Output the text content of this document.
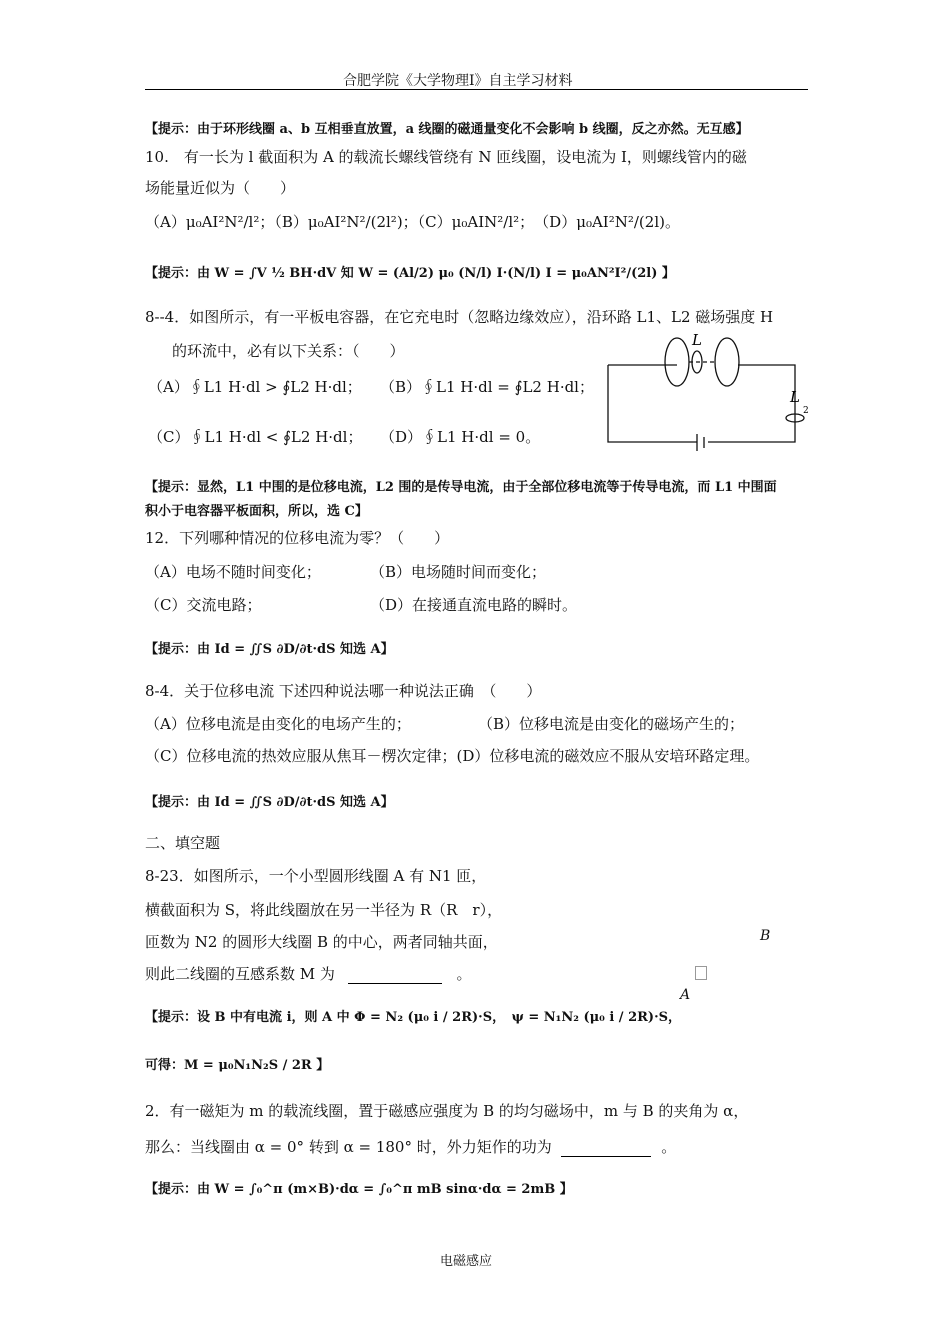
合肥学院《大学物理Ⅰ》自主学习材料
【提示：由于环形线圈 a、b 互相垂直放置，a 线圈的磁通量变化不会影响 b 线圈，反之亦然。无互感】
10.　有一长为 l 截面积为 A 的载流长螺线管绕有 N 匝线圈，设电流为 I，则螺线管内的磁
场能量近似为（　　）
（A）μ₀AI²N²/l²；（B）μ₀AI²N²/(2l²)；（C）μ₀AIN²/l²；　（D）μ₀AI²N²/(2l)。
【提示：由 W = ∫V ½ BH·dV 知 W = (Al/2) μ₀ (N/l) I·(N/l) I = μ₀AN²I²/(2l) 】
8--4．如图所示，有一平板电容器，在它充电时（忽略边缘效应），沿环路 L1、L2 磁场强度 H
的环流中，必有以下关系：（　　）
（A）∮L1 H·dl > ∮L2 H·dl； （B）∮L1 H·dl = ∮L2 H·dl；
（C）∮L1 H·dl < ∮L2 H·dl； （D）∮L1 H·dl = 0。
L
L
2
【提示：显然，L1 中围的是位移电流，L2 围的是传导电流，由于全部位移电流等于传导电流，而 L1 中围面
积小于电容器平板面积，所以，选 C】
12．下列哪种情况的位移电流为零？（　　）
（A）电场不随时间变化；	（B）电场随时间而变化；
（C）交流电路；	（D）在接通直流电路的瞬时。
【提示：由 Id = ∬S ∂D/∂t·dS 知选 A】
8-4．关于位移电流 下述四种说法哪一种说法正确　（　　）
（A）位移电流是由变化的电场产生的；	（B）位移电流是由变化的磁场产生的；
（C）位移电流的热效应服从焦耳－楞次定律；(D）位移电流的磁效应不服从安培环路定理。
【提示：由 Id = ∬S ∂D/∂t·dS 知选 A】
二、填空题
8-23．如图所示，一个小型圆形线圈 A 有 N1 匝，
横截面积为 S，将此线圈放在另一半径为 R（R　r），
匝数为 N2 的圆形大线圈 B 的中心，两者同轴共面，
则此二线圈的互感系数 M 为	。
B
A
【提示：设 B 中有电流 i，则 A 中 Φ = N₂ (μ₀ i / 2R)·S，　ψ = N₁N₂ (μ₀ i / 2R)·S，
可得：M = μ₀N₁N₂S / 2R 】
2．有一磁矩为 m 的载流线圈，置于磁感应强度为 B 的均匀磁场中，m 与 B 的夹角为 α，
那么：当线圈由 α = 0° 转到 α = 180° 时，外力矩作的功为	。
【提示：由 W = ∫₀^π (m×B)·dα = ∫₀^π mB sinα·dα = 2mB 】
电磁感应
